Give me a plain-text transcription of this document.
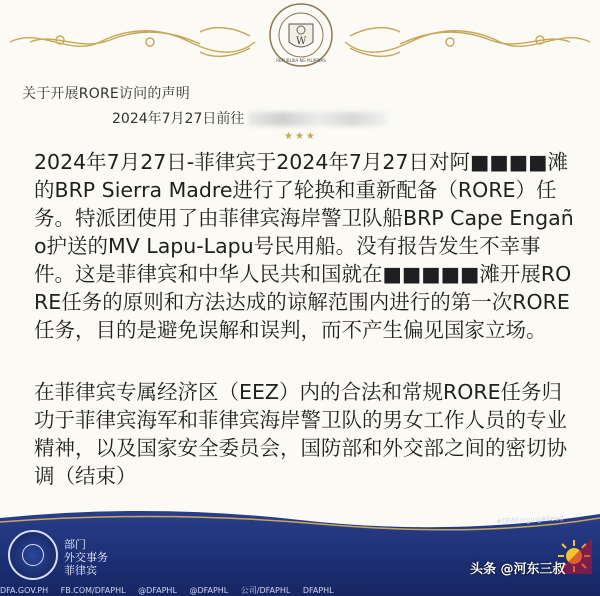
W
REPUBLIKA NG PILIPINAS
关于开展RORE访问的声明
2024年7月27日前往
★★★

2024年7月27日-菲律宾于2024年7月27日对阿■■■■滩的BRP Sierra Madre进行了轮换和重新配备（RORE）任务。特派团使用了由菲律宾海岸警卫队船BRP Cape Engaño护送的MV Lapu-Lapu号民用船。没有报告发生不幸事件。这是菲律宾和中华人民共和国就在■■■■■滩开展RORE任务的原则和方法达成的谅解范围内进行的第一次RORE任务，目的是避免误解和误判，而不产生偏见国家立场。

在菲律宾专属经济区（EEZ）内的合法和常规RORE任务归功于菲律宾海军和菲律宾海岸警卫队的男女工作人员的专业精神，以及国家安全委员会，国防部和外交部之间的密切协调（结束）

部门
外交事务
菲律宾
#DFAForgingAhead
DFA.GOV.PH FB.COM/DFAPHL @DFAPHL @DFAPHL 公司/DFAPHL DFAPHL
头条 @河东三叔
